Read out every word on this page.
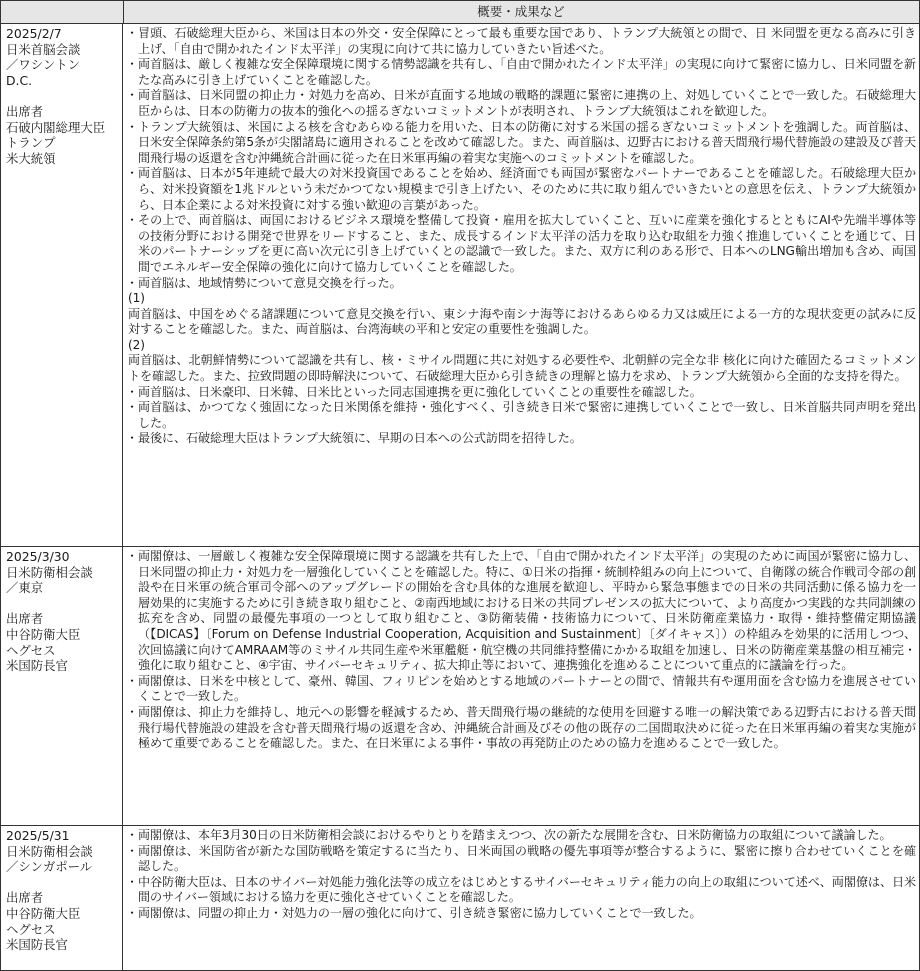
概要・成果など
2025/2/7
日米首脳会談
／ワシントン
D.C.
出席者
石破内閣総理大臣
トランプ
米大統領
・ 冒頭、石破総理大臣から、米国は日本の外交・安全保障にとって最も重要な国であり、トランプ大統領との間で、日 米同盟を更なる高みに引き上げ、「自由で開かれたインド太平洋」の実現に向けて共に協力していきたい旨述べた。
・ 両首脳は、厳しく複雑な安全保障環境に関する情勢認識を共有し、「自由で開かれたインド太平洋」の実現に向けて緊密に協力し、日米同盟を新たな高みに引き上げていくことを確認した。
・ 両首脳は、日米同盟の抑止力・対処力を高め、日米が直面する地域の戦略的課題に緊密に連携の上、対処していくことで一致した。石破総理大臣からは、日本の防衛力の抜本的強化への揺るぎないコミットメントが表明され、トランプ大統領はこれを歓迎した。
・ トランプ大統領は、米国による核を含むあらゆる能力を用いた、日本の防衛に対する米国の揺るぎないコミットメントを強調した。両首脳は、日米安全保障条約第5条が尖閣諸島に適用されることを改めて確認した。また、両首脳は、辺野古における普天間飛行場代替施設の建設及び普天間飛行場の返還を含む沖縄統合計画に従った在日米軍再編の着実な実施へのコミットメントを確認した。
・ 両首脳は、日本が5年連続で最大の対米投資国であることを始め、経済面でも両国が緊密なパートナーであることを確認した。石破総理大臣から、対米投資額を1兆ドルという未だかつてない規模まで引き上げたい、そのために共に取り組んでいきたいとの意思を伝え、トランプ大統領から、日本企業による対米投資に対する強い歓迎の言葉があった。
・ その上で、両首脳は、両国におけるビジネス環境を整備して投資・雇用を拡大していくこと、互いに産業を強化するとともにAIや先端半導体等の技術分野における開発で世界をリードすること、また、成長するインド太平洋の活力を取り込む取組を力強く推進していくことを通じて、日米のパートナーシップを更に高い次元に引き上げていくとの認識で一致した。また、双方に利のある形で、日本へのLNG輸出増加も含め、両国間でエネルギー安全保障の強化に向けて協力していくことを確認した。
・ 両首脳は、地域情勢について意見交換を行った。
(1)
両首脳は、中国をめぐる諸課題について意見交換を行い、東シナ海や南シナ海等におけるあらゆる力又は威圧による一方的な現状変更の試みに反対することを確認した。また、両首脳は、台湾海峡の平和と安定の重要性を強調した。
(2)
両首脳は、北朝鮮情勢について認識を共有し、核・ミサイル問題に共に対処する必要性や、北朝鮮の完全な非 核化に向けた確固たるコミットメントを確認した。また、拉致問題の即時解決について、石破総理大臣から引き続きの理解と協力を求め、トランプ大統領から全面的な支持を得た。
・ 両首脳は、日米豪印、日米韓、日米比といった同志国連携を更に強化していくことの重要性を確認した。
・ 両首脳は、かつてなく強固になった日米関係を維持・強化すべく、引き続き日米で緊密に連携していくことで一致し、日米首脳共同声明を発出した。
・ 最後に、石破総理大臣はトランプ大統領に、早期の日本への公式訪問を招待した。
2025/3/30
日米防衛相会談
／東京
出席者
中谷防衛大臣
ヘグセス
米国防長官
・ 両閣僚は、一層厳しく複雑な安全保障環境に関する認識を共有した上で、「自由で開かれたインド太平洋」の実現のために両国が緊密に協力し、日米同盟の抑止力・対処力を一層強化していくことを確認した。特に、①日米の指揮・統制枠組みの向上について、自衛隊の統合作戦司令部の創設や在日米軍の統合軍司令部へのアップグレードの開始を含む具体的な進展を歓迎し、平時から緊急事態までの日米の共同活動に係る協力を一層効果的に実施するために引き続き取り組むこと、②南西地域における日米の共同プレゼンスの拡大について、より高度かつ実践的な共同訓練の拡充を含め、同盟の最優先事項の一つとして取り組むこと、③防衛装備・技術協力について、日米防衛産業協力・取得・維持整備定期協議（【DICAS】〔Forum on Defense Industrial Cooperation, Acquisition and Sustainment〕〔ダイキャス〕）の枠組みを効果的に活用しつつ、次回協議に向けてAMRAAM等のミサイル共同生産や米軍艦艇・航空機の共同維持整備にかかる取組を加速し、日米の防衛産業基盤の相互補完・強化に取り組むこと、④宇宙、サイバーセキュリティ、拡大抑止等において、連携強化を進めることについて重点的に議論を行った。
・ 両閣僚は、日米を中核として、豪州、韓国、フィリピンを始めとする地域のパートナーとの間で、情報共有や運用面を含む協力を進展させていくことで一致した。
・ 両閣僚は、抑止力を維持し、地元への影響を軽減するため、普天間飛行場の継続的な使用を回避する唯一の解決策である辺野古における普天間飛行場代替施設の建設を含む普天間飛行場の返還を含め、沖縄統合計画及びその他の既存の二国間取決めに従った在日米軍再編の着実な実施が極めて重要であることを確認した。また、在日米軍による事件・事故の再発防止のための協力を進めることで一致した。
2025/5/31
日米防衛相会談
／シンガポール
出席者
中谷防衛大臣
ヘグセス
米国防長官
・ 両閣僚は、本年3月30日の日米防衛相会談におけるやりとりを踏まえつつ、次の新たな展開を含む、日米防衛協力の取組について議論した。
・ 両閣僚は、米国防省が新たな国防戦略を策定するに当たり、日米両国の戦略の優先事項等が整合するように、緊密に擦り合わせていくことを確認した。
・ 中谷防衛大臣は、日本のサイバー対処能力強化法等の成立をはじめとするサイバーセキュリティ能力の向上の取組について述べ、両閣僚は、日米間のサイバー領域における協力を更に強化させていくことを確認した。
・ 両閣僚は、同盟の抑止力・対処力の一層の強化に向けて、引き続き緊密に協力していくことで一致した。
